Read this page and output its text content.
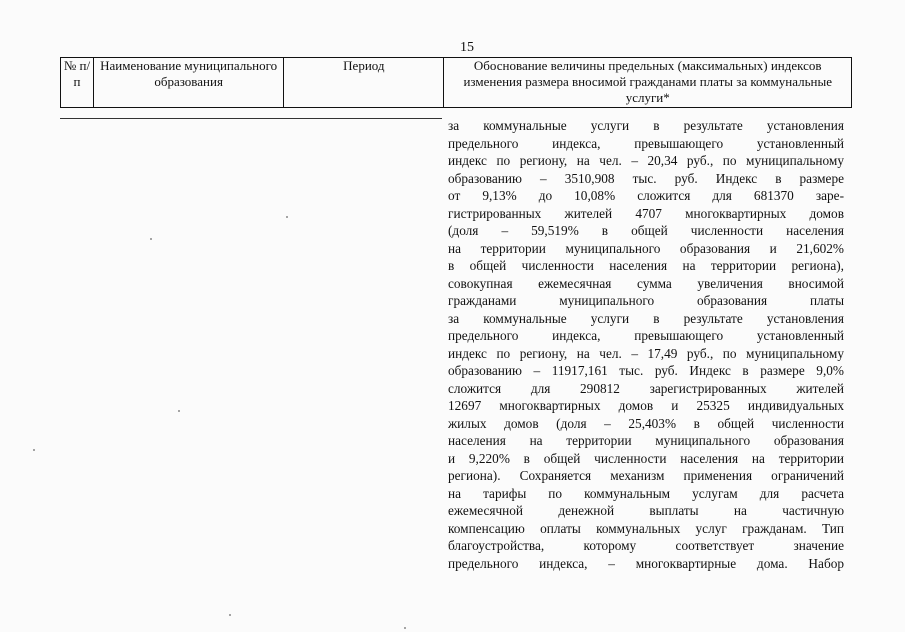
15
№ п/п	Наименование муниципального образования	Период	Обоснование величины предельных (максимальных) индексов изменения размера вносимой гражданами платы за коммунальные услуги*

за коммунальные услуги в результате установления
предельного индекса, превышающего установленный
индекс по региону, на чел. – 20,34 руб., по муниципальному
образованию – 3510,908 тыс. руб. Индекс в размере
от 9,13% до 10,08% сложится для 681370 заре-
гистрированных жителей 4707 многоквартирных домов
(доля – 59,519% в общей численности населения
на территории муниципального образования и 21,602%
в общей численности населения на территории региона),
совокупная ежемесячная сумма увеличения вносимой
гражданами муниципального образования платы
за коммунальные услуги в результате установления
предельного индекса, превышающего установленный
индекс по региону, на чел. – 17,49 руб., по муниципальному
образованию – 11917,161 тыс. руб. Индекс в размере 9,0%
сложится для 290812 зарегистрированных жителей
12697 многоквартирных домов и 25325 индивидуальных
жилых домов (доля – 25,403% в общей численности
населения на территории муниципального образования
и 9,220% в общей численности населения на территории
региона). Сохраняется механизм применения ограничений
на тарифы по коммунальным услугам для расчета
ежемесячной денежной выплаты на частичную
компенсацию оплаты коммунальных услуг гражданам. Тип
благоустройства, которому соответствует значение
предельного индекса, – многоквартирные дома. Набор
